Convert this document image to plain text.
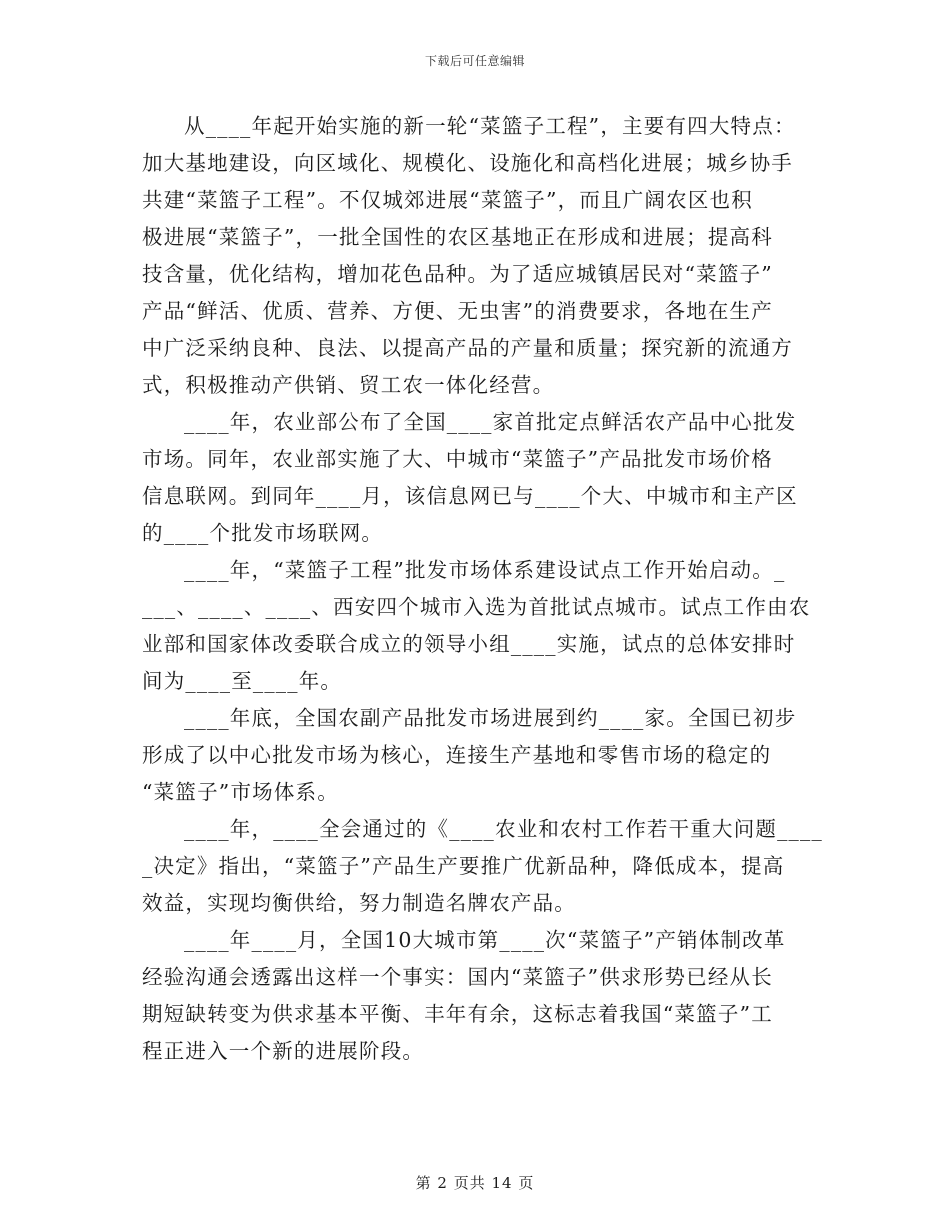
下载后可任意编辑
从____年起开始实施的新一轮“菜篮子工程”，主要有四大特点：
加大基地建设，向区域化、规模化、设施化和高档化进展；城乡协手
共建“菜篮子工程”。不仅城郊进展“菜篮子”，而且广阔农区也积
极进展“菜篮子”，一批全国性的农区基地正在形成和进展；提高科
技含量，优化结构，增加花色品种。为了适应城镇居民对“菜篮子”
产品“鲜活、优质、营养、方便、无虫害”的消费要求，各地在生产
中广泛采纳良种、良法、以提高产品的产量和质量；探究新的流通方
式，积极推动产供销、贸工农一体化经营。
____年，农业部公布了全国____家首批定点鲜活农产品中心批发
市场。同年，农业部实施了大、中城市“菜篮子”产品批发市场价格
信息联网。到同年____月，该信息网已与____个大、中城市和主产区
的____个批发市场联网。
____年，“菜篮子工程”批发市场体系建设试点工作开始启动。_
___、____、____、西安四个城市入选为首批试点城市。试点工作由农
业部和国家体改委联合成立的领导小组____实施，试点的总体安排时
间为____至____年。
____年底，全国农副产品批发市场进展到约____家。全国已初步
形成了以中心批发市场为核心，连接生产基地和零售市场的稳定的
“菜篮子”市场体系。
____年，____全会通过的《____农业和农村工作若干重大问题____
_决定》指出，“菜篮子”产品生产要推广优新品种，降低成本，提高
效益，实现均衡供给，努力制造名牌农产品。
____年____月，全国10大城市第____次“菜篮子”产销体制改革
经验沟通会透露出这样一个事实：国内“菜篮子”供求形势已经从长
期短缺转变为供求基本平衡、丰年有余，这标志着我国“菜篮子”工
程正进入一个新的进展阶段。
第 2 页共 14 页
